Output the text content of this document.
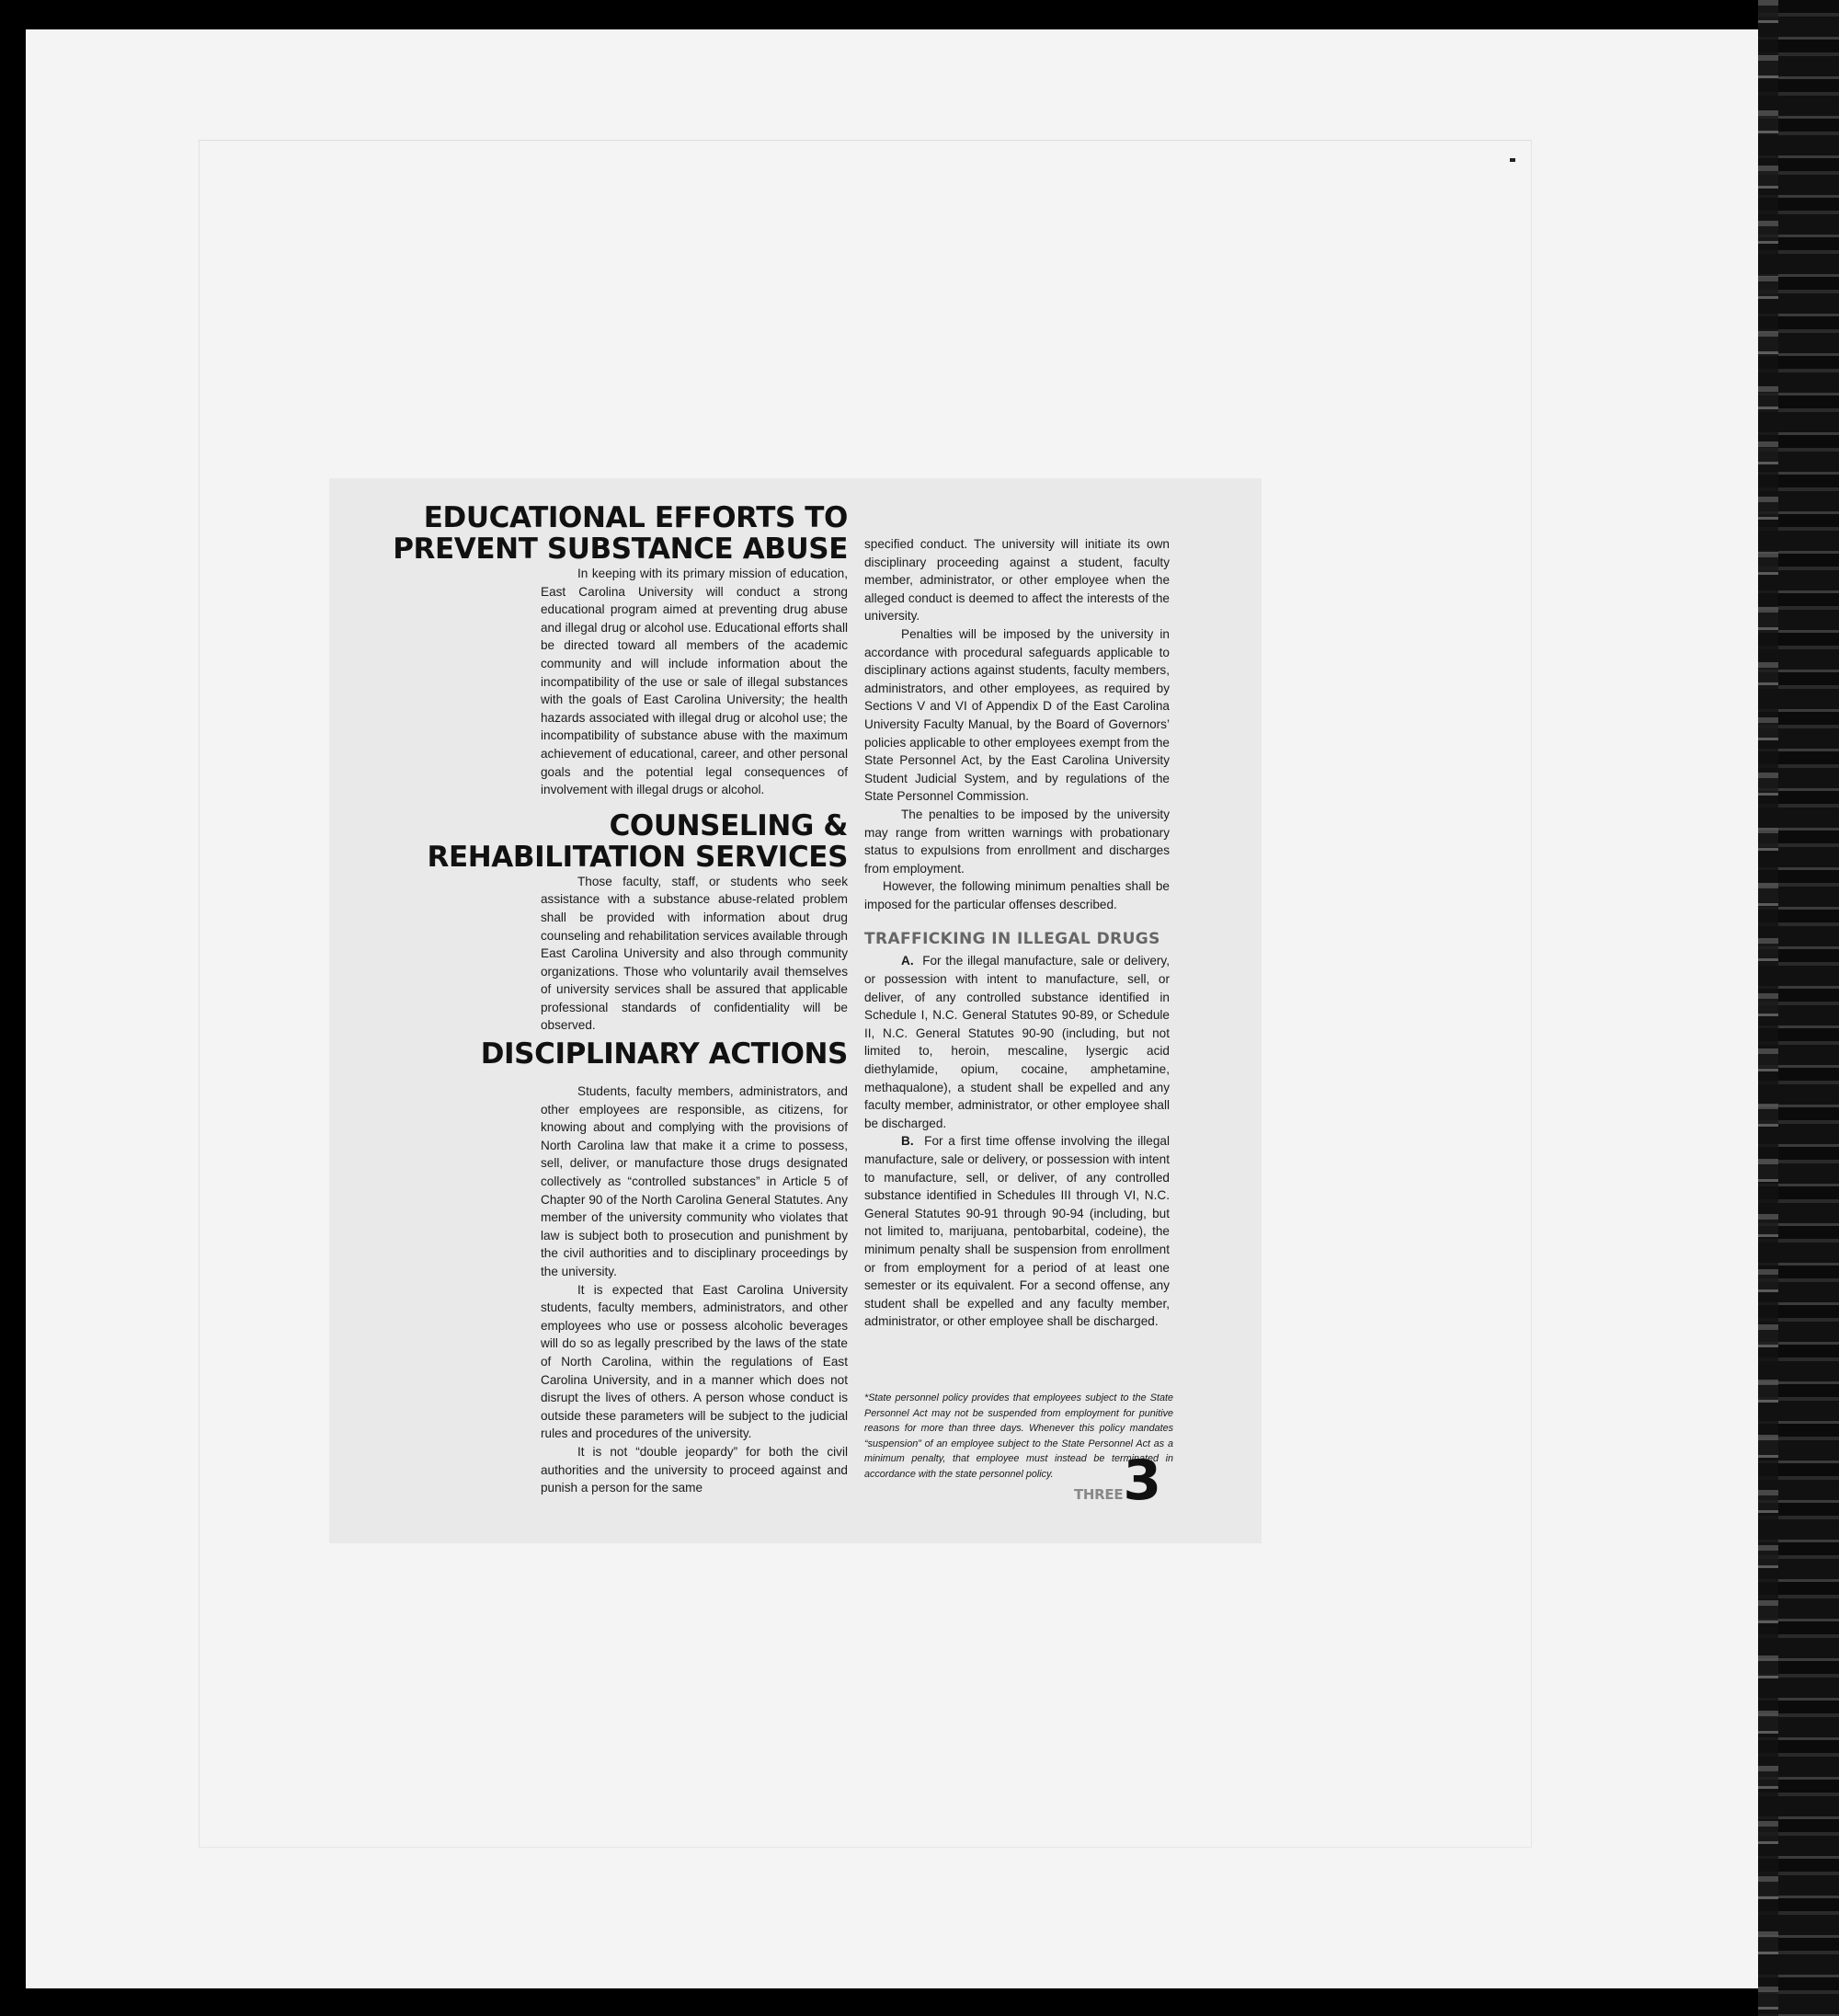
EDUCATIONAL EFFORTS TO
PREVENT SUBSTANCE ABUSE

In keeping with its primary mission of education, East Carolina University will conduct a strong educational program aimed at preventing drug abuse and illegal drug or alcohol use. Educational efforts shall be directed toward all members of the academic community and will include information about the incompatibility of the use or sale of illegal substances with the goals of East Carolina University; the health hazards associated with illegal drug or alcohol use; the incompatibility of substance abuse with the maximum achievement of educational, career, and other personal goals and the potential legal consequences of involvement with illegal drugs or alcohol.

COUNSELING &
REHABILITATION SERVICES

Those faculty, staff, or students who seek assistance with a substance abuse-related problem shall be provided with information about drug counseling and rehabilitation services available through East Carolina University and also through community organizations. Those who voluntarily avail themselves of university services shall be assured that applicable professional standards of confidentiality will be observed.

DISCIPLINARY ACTIONS

Students, faculty members, administrators, and other employees are responsible, as citizens, for knowing about and complying with the provisions of North Carolina law that make it a crime to possess, sell, deliver, or manufacture those drugs designated collectively as “controlled substances” in Article 5 of Chapter 90 of the North Carolina General Statutes. Any member of the university community who violates that law is subject both to prosecution and punishment by the civil authorities and to disciplinary proceedings by the university.

It is expected that East Carolina University students, faculty members, administrators, and other employees who use or possess alcoholic beverages will do so as legally prescribed by the laws of the state of North Carolina, within the regulations of East Carolina University, and in a manner which does not disrupt the lives of others. A person whose conduct is outside these parameters will be subject to the judicial rules and procedures of the university.

It is not “double jeopardy” for both the civil authorities and the university to proceed against and punish a person for the same

specified conduct. The university will initiate its own disciplinary proceeding against a student, faculty member, administrator, or other employee when the alleged conduct is deemed to affect the interests of the university.

Penalties will be imposed by the university in accordance with procedural safeguards applicable to disciplinary actions against students, faculty members, administrators, and other employees, as required by Sections V and VI of Appendix D of the East Carolina University Faculty Manual, by the Board of Governors’ policies applicable to other employees exempt from the State Personnel Act, by the East Carolina University Student Judicial System, and by regulations of the State Personnel Commission.

The penalties to be imposed by the university may range from written warnings with probationary status to expulsions from enrollment and discharges from employment.

However, the following minimum penalties shall be imposed for the particular offenses described.

TRAFFICKING IN ILLEGAL DRUGS

A. For the illegal manufacture, sale or delivery, or possession with intent to manufacture, sell, or deliver, of any controlled substance identified in Schedule I, N.C. General Statutes 90-89, or Schedule II, N.C. General Statutes 90-90 (including, but not limited to, heroin, mescaline, lysergic acid diethylamide, opium, cocaine, amphetamine, methaqualone), a student shall be expelled and any faculty member, administrator, or other employee shall be discharged.

B. For a first time offense involving the illegal manufacture, sale or delivery, or possession with intent to manufacture, sell, or deliver, of any controlled substance identified in Schedules III through VI, N.C. General Statutes 90-91 through 90-94 (including, but not limited to, marijuana, pentobarbital, codeine), the minimum penalty shall be suspension from enrollment or from employment for a period of at least one semester or its equivalent. For a second offense, any student shall be expelled and any faculty member, administrator, or other employee shall be discharged.

*State personnel policy provides that employees subject to the State Personnel Act may not be suspended from employment for punitive reasons for more than three days. Whenever this policy mandates “suspension” of an employee subject to the State Personnel Act as a minimum penalty, that employee must instead be terminated in accordance with the state personnel policy.
THREE3
